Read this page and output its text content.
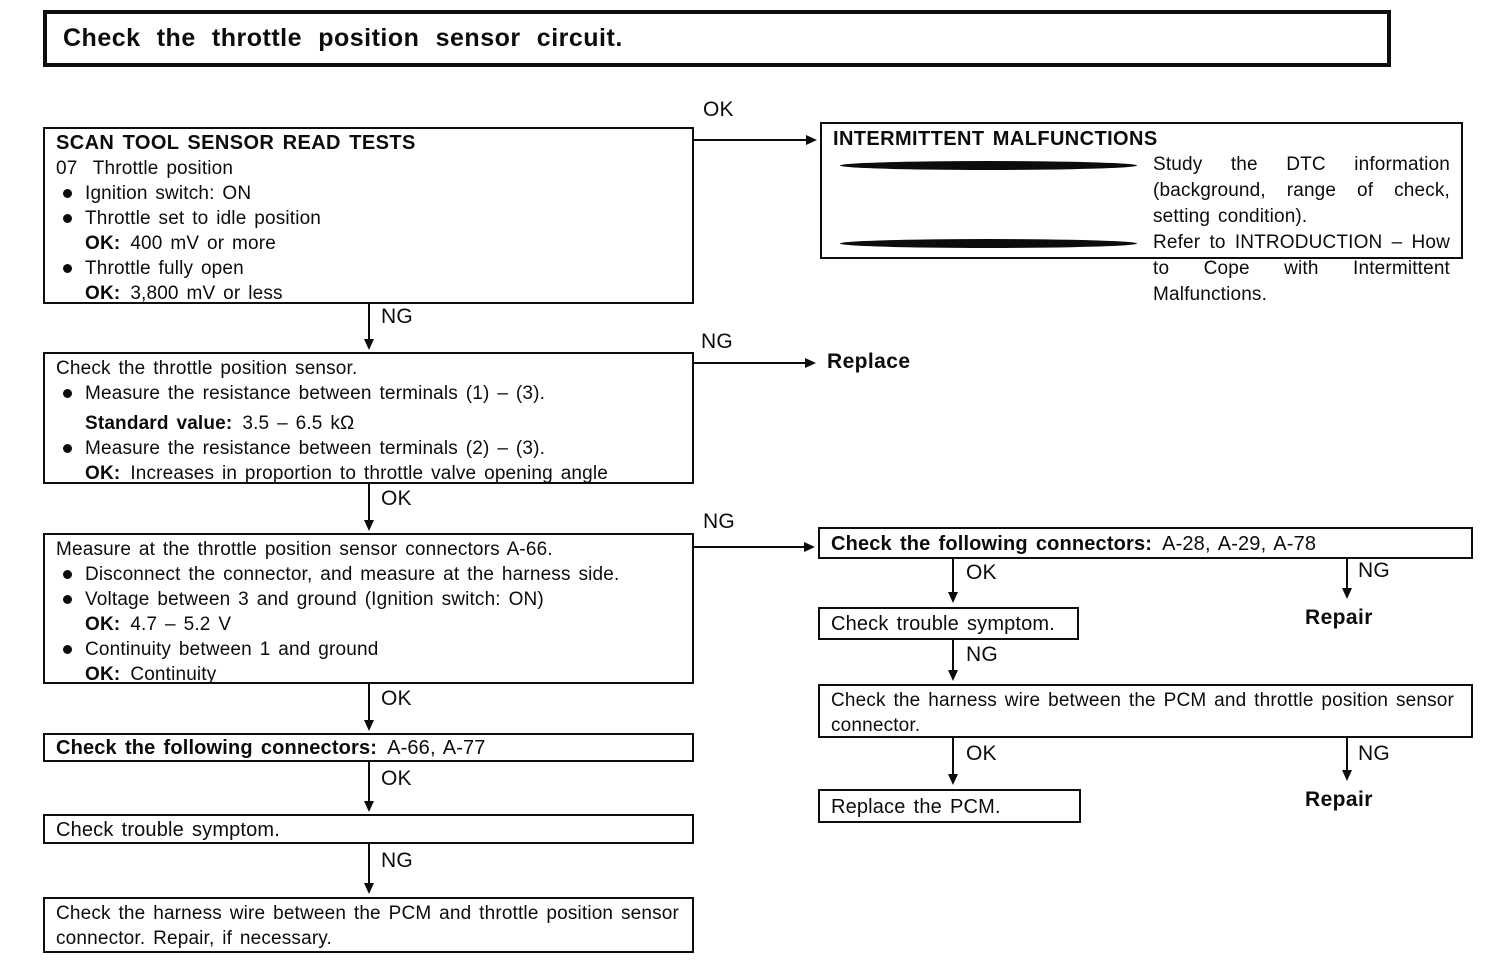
Check the throttle position sensor circuit.
SCAN TOOL SENSOR READ TESTS
07  Throttle position
Ignition switch: ON
Throttle set to idle position
OK: 400 mV or more
Throttle fully open
OK: 3,800 mV or less
INTERMITTENT MALFUNCTIONS
Study the DTC information (background, range of check, setting condition).
Refer to INTRODUCTION – How to Cope with Intermittent Malfunctions.
Check the throttle position sensor.
Measure the resistance between terminals (1) – (3).
Standard value: 3.5 – 6.5 kΩ
Measure the resistance between terminals (2) – (3).
OK: Increases in proportion to throttle valve opening angle
Measure at the throttle position sensor connectors A-66.
Disconnect the connector, and measure at the harness side.
Voltage between 3 and ground (Ignition switch: ON)
OK: 4.7 – 5.2 V
Continuity between 1 and ground
OK: Continuity
Check the following connectors: A-66, A-77
Check trouble symptom.
Check the harness wire between the PCM and throttle position sensor connector. Repair, if necessary.
Check the following connectors: A-28, A-29, A-78
Check trouble symptom.
Check the harness wire between the PCM and throttle position sensor connector.
Replace the PCM.
NG
OK
OK
OK
NG
OK
NG
Replace
NG
OK	NG
Repair
NG
OK	NG
Repair
